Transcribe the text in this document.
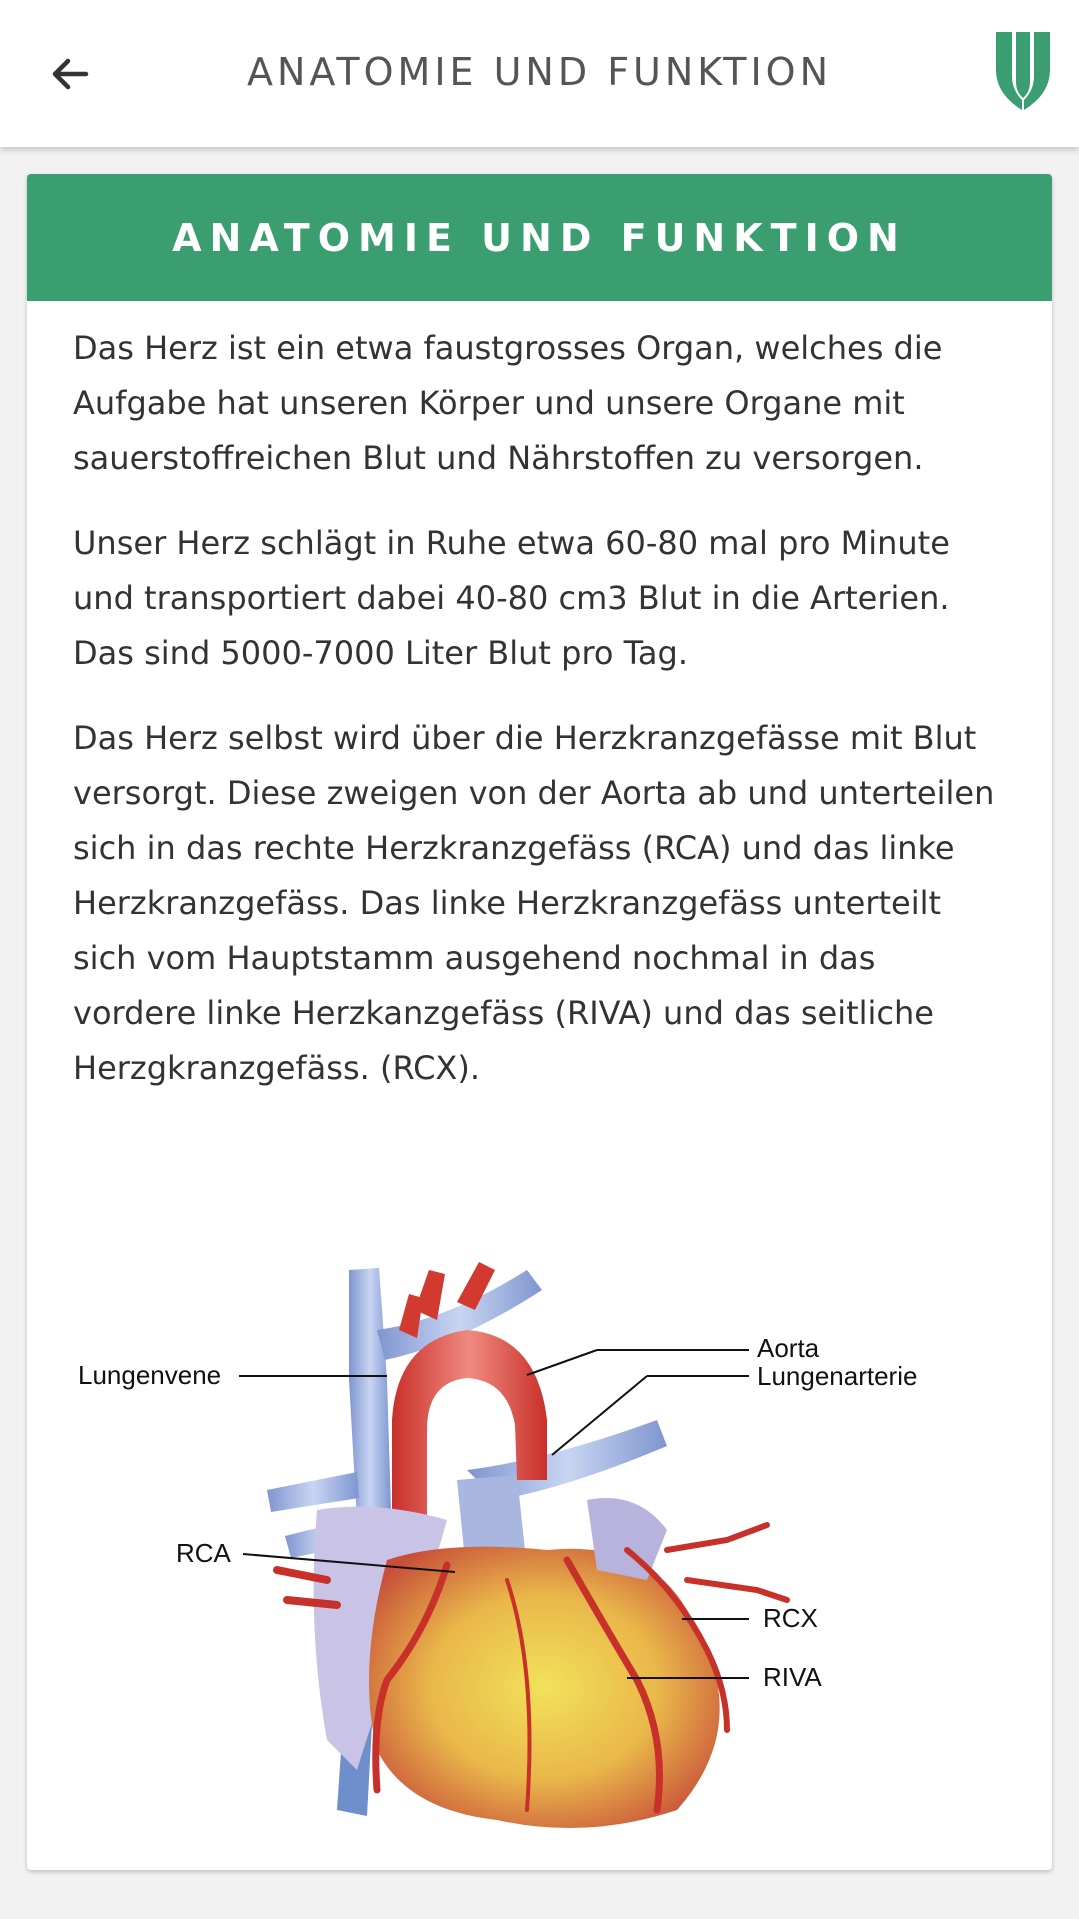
ANATOMIE UND FUNKTION
ANATOMIE UND FUNKTION

Das Herz ist ein etwa faustgrosses Organ, welches die Aufgabe hat unseren Körper und unsere Organe mit sauerstoffreichen Blut und Nährstoffen zu versorgen.

Unser Herz schlägt in Ruhe etwa 60-80 mal pro Minute und transportiert dabei 40-80 cm3 Blut in die Arterien. Das sind 5000-7000 Liter Blut pro Tag.

Das Herz selbst wird über die Herzkranzgefässe mit Blut versorgt. Diese zweigen von der Aorta ab und unterteilen sich in das rechte Herzkranzgefäss (RCA) und das linke Herzkranzgefäss. Das linke Herzkranzgefäss unterteilt sich vom Hauptstamm ausgehend nochmal in das vordere linke Herzkanzgefäss (RIVA) und das seitliche Herzgkranzgefäss. (RCX).

Lungenvene
Aorta
Lungenarterie
RCA
RCX
RIVA
